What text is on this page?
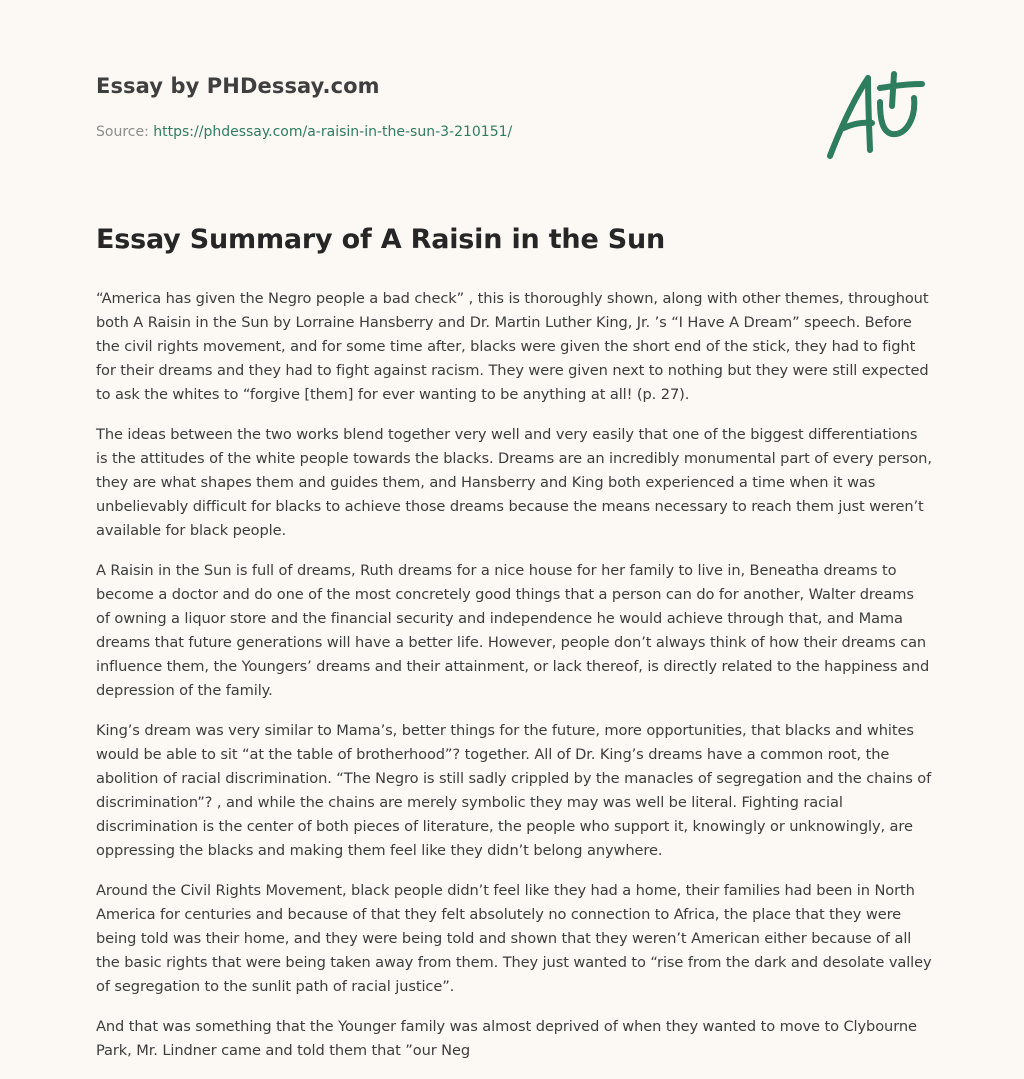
Essay by PHDessay.com
Source: https://phdessay.com/a-raisin-in-the-sun-3-210151/
Essay Summary of A Raisin in the Sun

“America has given the Negro people a bad check” , this is thoroughly shown, along with other themes, throughout both A Raisin in the Sun by Lorraine Hansberry and Dr. Martin Luther King, Jr. ’s “I Have A Dream” speech. Before the civil rights movement, and for some time after, blacks were given the short end of the stick, they had to fight for their dreams and they had to fight against racism. They were given next to nothing but they were still expected to ask the whites to “forgive [them] for ever wanting to be anything at all! (p. 27).

The ideas between the two works blend together very well and very easily that one of the biggest differentiations is the attitudes of the white people towards the blacks. Dreams are an incredibly monumental part of every person, they are what shapes them and guides them, and Hansberry and King both experienced a time when it was unbelievably difficult for blacks to achieve those dreams because the means necessary to reach them just weren’t available for black people.

A Raisin in the Sun is full of dreams, Ruth dreams for a nice house for her family to live in, Beneatha dreams to become a doctor and do one of the most concretely good things that a person can do for another, Walter dreams of owning a liquor store and the financial security and independence he would achieve through that, and Mama dreams that future generations will have a better life. However, people don’t always think of how their dreams can influence them, the Youngers’ dreams and their attainment, or lack thereof, is directly related to the happiness and depression of the family.

King’s dream was very similar to Mama’s, better things for the future, more opportunities, that blacks and whites would be able to sit “at the table of brotherhood”? together. All of Dr. King’s dreams have a common root, the abolition of racial discrimination. “The Negro is still sadly crippled by the manacles of segregation and the chains of discrimination”? , and while the chains are merely symbolic they may was well be literal. Fighting racial discrimination is the center of both pieces of literature, the people who support it, knowingly or unknowingly, are oppressing the blacks and making them feel like they didn’t belong anywhere.

Around the Civil Rights Movement, black people didn’t feel like they had a home, their families had been in North America for centuries and because of that they felt absolutely no connection to Africa, the place that they were being told was their home, and they were being told and shown that they weren’t American either because of all the basic rights that were being taken away from them. They just wanted to “rise from the dark and desolate valley of segregation to the sunlit path of racial justice”.

And that was something that the Younger family was almost deprived of when they wanted to move to Clybourne Park, Mr. Lindner came and told them that ”our Neg
